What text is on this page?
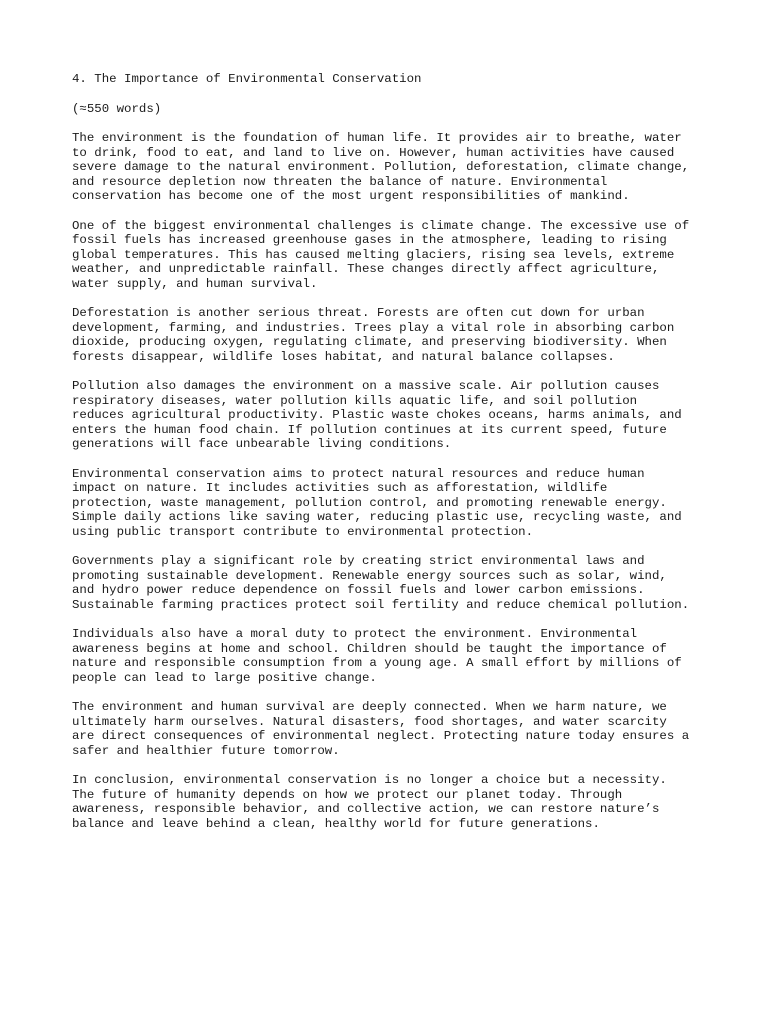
4. The Importance of Environmental Conservation
(≈550 words)
The environment is the foundation of human life. It provides air to breathe, water
to drink, food to eat, and land to live on. However, human activities have caused
severe damage to the natural environment. Pollution, deforestation, climate change,
and resource depletion now threaten the balance of nature. Environmental
conservation has become one of the most urgent responsibilities of mankind.
One of the biggest environmental challenges is climate change. The excessive use of
fossil fuels has increased greenhouse gases in the atmosphere, leading to rising
global temperatures. This has caused melting glaciers, rising sea levels, extreme
weather, and unpredictable rainfall. These changes directly affect agriculture,
water supply, and human survival.
Deforestation is another serious threat. Forests are often cut down for urban
development, farming, and industries. Trees play a vital role in absorbing carbon
dioxide, producing oxygen, regulating climate, and preserving biodiversity. When
forests disappear, wildlife loses habitat, and natural balance collapses.
Pollution also damages the environment on a massive scale. Air pollution causes
respiratory diseases, water pollution kills aquatic life, and soil pollution
reduces agricultural productivity. Plastic waste chokes oceans, harms animals, and
enters the human food chain. If pollution continues at its current speed, future
generations will face unbearable living conditions.
Environmental conservation aims to protect natural resources and reduce human
impact on nature. It includes activities such as afforestation, wildlife
protection, waste management, pollution control, and promoting renewable energy.
Simple daily actions like saving water, reducing plastic use, recycling waste, and
using public transport contribute to environmental protection.
Governments play a significant role by creating strict environmental laws and
promoting sustainable development. Renewable energy sources such as solar, wind,
and hydro power reduce dependence on fossil fuels and lower carbon emissions.
Sustainable farming practices protect soil fertility and reduce chemical pollution.
Individuals also have a moral duty to protect the environment. Environmental
awareness begins at home and school. Children should be taught the importance of
nature and responsible consumption from a young age. A small effort by millions of
people can lead to large positive change.
The environment and human survival are deeply connected. When we harm nature, we
ultimately harm ourselves. Natural disasters, food shortages, and water scarcity
are direct consequences of environmental neglect. Protecting nature today ensures a
safer and healthier future tomorrow.
In conclusion, environmental conservation is no longer a choice but a necessity.
The future of humanity depends on how we protect our planet today. Through
awareness, responsible behavior, and collective action, we can restore nature’s
balance and leave behind a clean, healthy world for future generations.
